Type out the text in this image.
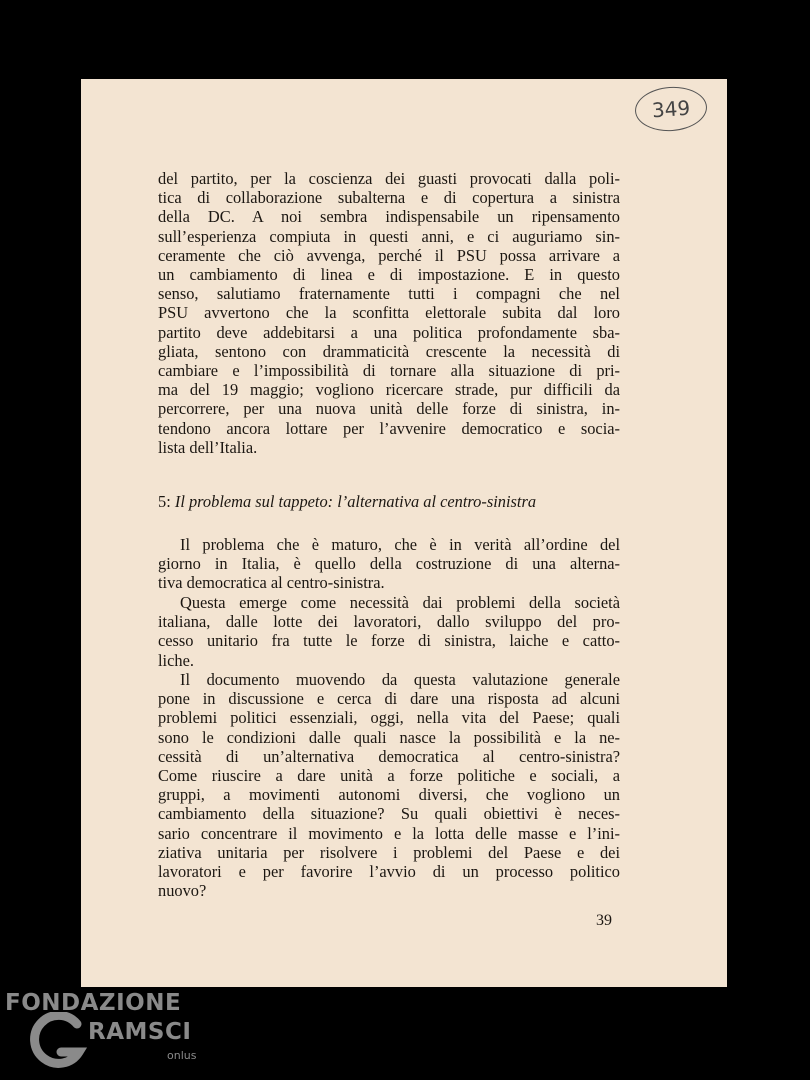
349
del partito, per la coscienza dei guasti provocati dalla poli-
tica di collaborazione subalterna e di copertura a sinistra
della DC. A noi sembra indispensabile un ripensamento
sull’esperienza compiuta in questi anni, e ci auguriamo sin-
ceramente che ciò avvenga, perché il PSU possa arrivare a
un cambiamento di linea e di impostazione. E in questo
senso, salutiamo fraternamente tutti i compagni che nel
PSU avvertono che la sconfitta elettorale subita dal loro
partito deve addebitarsi a una politica profondamente sba-
gliata, sentono con drammaticità crescente la necessità di
cambiare e l’impossibilità di tornare alla situazione di pri-
ma del 19 maggio; vogliono ricercare strade, pur difficili da
percorrere, per una nuova unità delle forze di sinistra, in-
tendono ancora lottare per l’avvenire democratico e socia-
lista dell’Italia.
5: Il problema sul tappeto: l’alternativa al centro-sinistra
Il problema che è maturo, che è in verità all’ordine del
giorno in Italia, è quello della costruzione di una alterna-
tiva democratica al centro-sinistra.
Questa emerge come necessità dai problemi della società
italiana, dalle lotte dei lavoratori, dallo sviluppo del pro-
cesso unitario fra tutte le forze di sinistra, laiche e catto-
liche.
Il documento muovendo da questa valutazione generale
pone in discussione e cerca di dare una risposta ad alcuni
problemi politici essenziali, oggi, nella vita del Paese; quali
sono le condizioni dalle quali nasce la possibilità e la ne-
cessità di un’alternativa democratica al centro-sinistra?
Come riuscire a dare unità a forze politiche e sociali, a
gruppi, a movimenti autonomi diversi, che vogliono un
cambiamento della situazione? Su quali obiettivi è neces-
sario concentrare il movimento e la lotta delle masse e l’ini-
ziativa unitaria per risolvere i problemi del Paese e dei
lavoratori e per favorire l’avvio di un processo politico
nuovo?
39
FONDAZIONE
RAMSCI
onlus
